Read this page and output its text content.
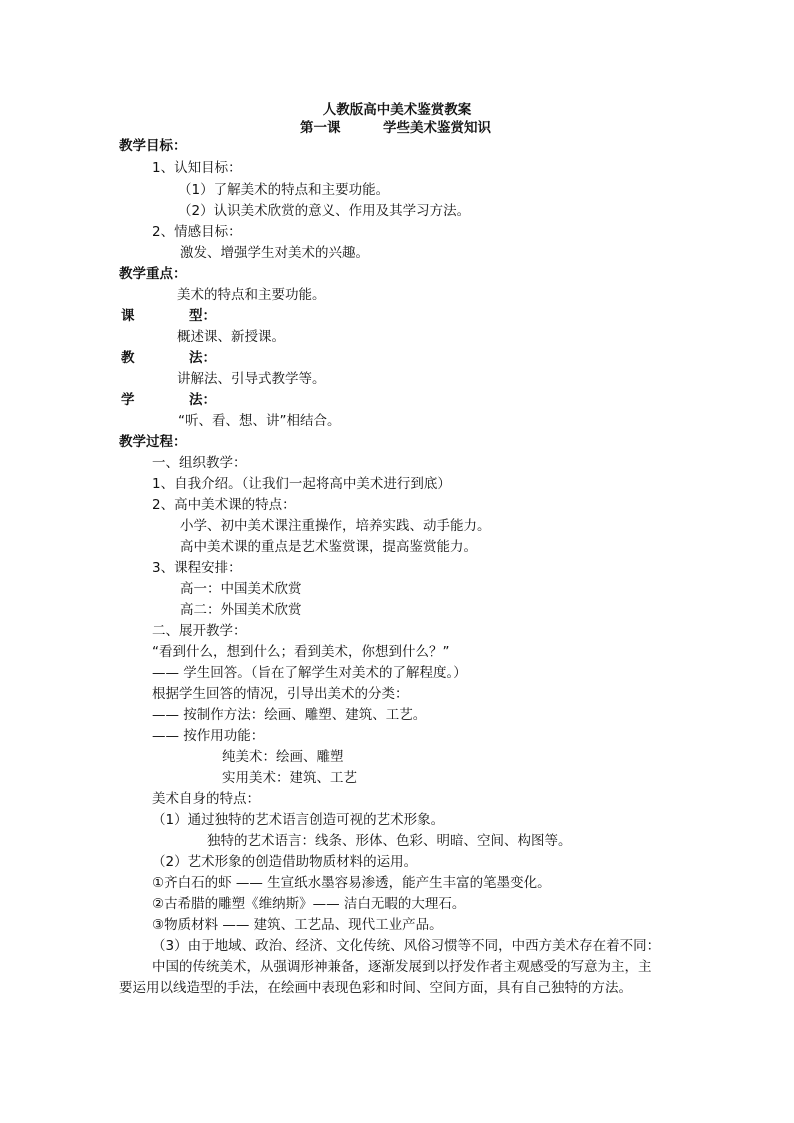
人教版高中美术鉴赏教案
第一课	学些美术鉴赏知识
教学目标：
1、认知目标：
（1）了解美术的特点和主要功能。
（2）认识美术欣赏的意义、作用及其学习方法。
2、情感目标：
激发、增强学生对美术的兴趣。
教学重点：
美术的特点和主要功能。
课	型：
概述课、新授课。
教	法：
讲解法、引导式教学等。
学	法：
“听、看、想、讲”相结合。
教学过程：
一、组织教学：
1、自我介绍。（让我们一起将高中美术进行到底）
2、高中美术课的特点：
小学、初中美术课注重操作，培养实践、动手能力。
高中美术课的重点是艺术鉴赏课，提高鉴赏能力。
3、课程安排：
高一：中国美术欣赏
高二：外国美术欣赏
二、展开教学：
“看到什么，想到什么；看到美术，你想到什么？”
—— 学生回答。（旨在了解学生对美术的了解程度。）
根据学生回答的情况，引导出美术的分类：
—— 按制作方法：绘画、雕塑、建筑、工艺。
—— 按作用功能：
纯美术：绘画、雕塑
实用美术：建筑、工艺
美术自身的特点：
（1）通过独特的艺术语言创造可视的艺术形象。
独特的艺术语言：线条、形体、色彩、明暗、空间、构图等。
（2）艺术形象的创造借助物质材料的运用。
①齐白石的虾 —— 生宣纸水墨容易渗透，能产生丰富的笔墨变化。
②古希腊的雕塑《维纳斯》—— 洁白无暇的大理石。
③物质材料 —— 建筑、工艺品、现代工业产品。
（3）由于地域、政治、经济、文化传统、风俗习惯等不同，中西方美术存在着不同：
中国的传统美术，从强调形神兼备，逐渐发展到以抒发作者主观感受的写意为主，主
要运用以线造型的手法，在绘画中表现色彩和时间、空间方面，具有自己独特的方法。
